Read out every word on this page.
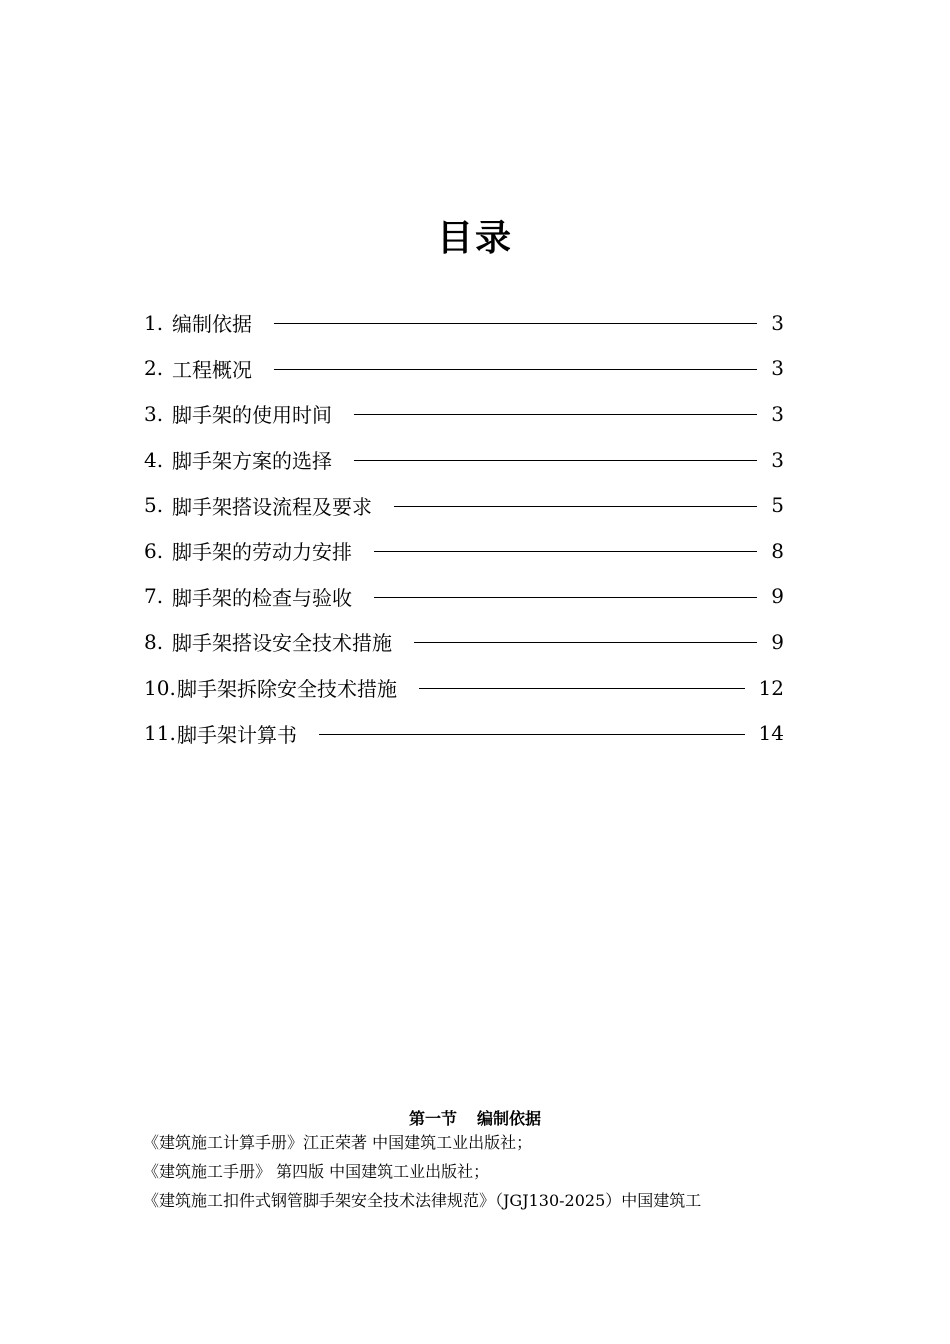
目录
1. 编制依据	3
2. 工程概况	3
3. 脚手架的使用时间	3
4. 脚手架方案的选择	3
5. 脚手架搭设流程及要求	5
6. 脚手架的劳动力安排	8
7. 脚手架的检查与验收	9
8. 脚手架搭设安全技术措施	9
10. 脚手架拆除安全技术措施	12
11. 脚手架计算书	14
第一节 编制依据
《建筑施工计算手册》江正荣著 中国建筑工业出版社；
《建筑施工手册》 第四版 中国建筑工业出版社；
《建筑施工扣件式钢管脚手架安全技术法律规范》（JGJ130-2025）中国建筑工
